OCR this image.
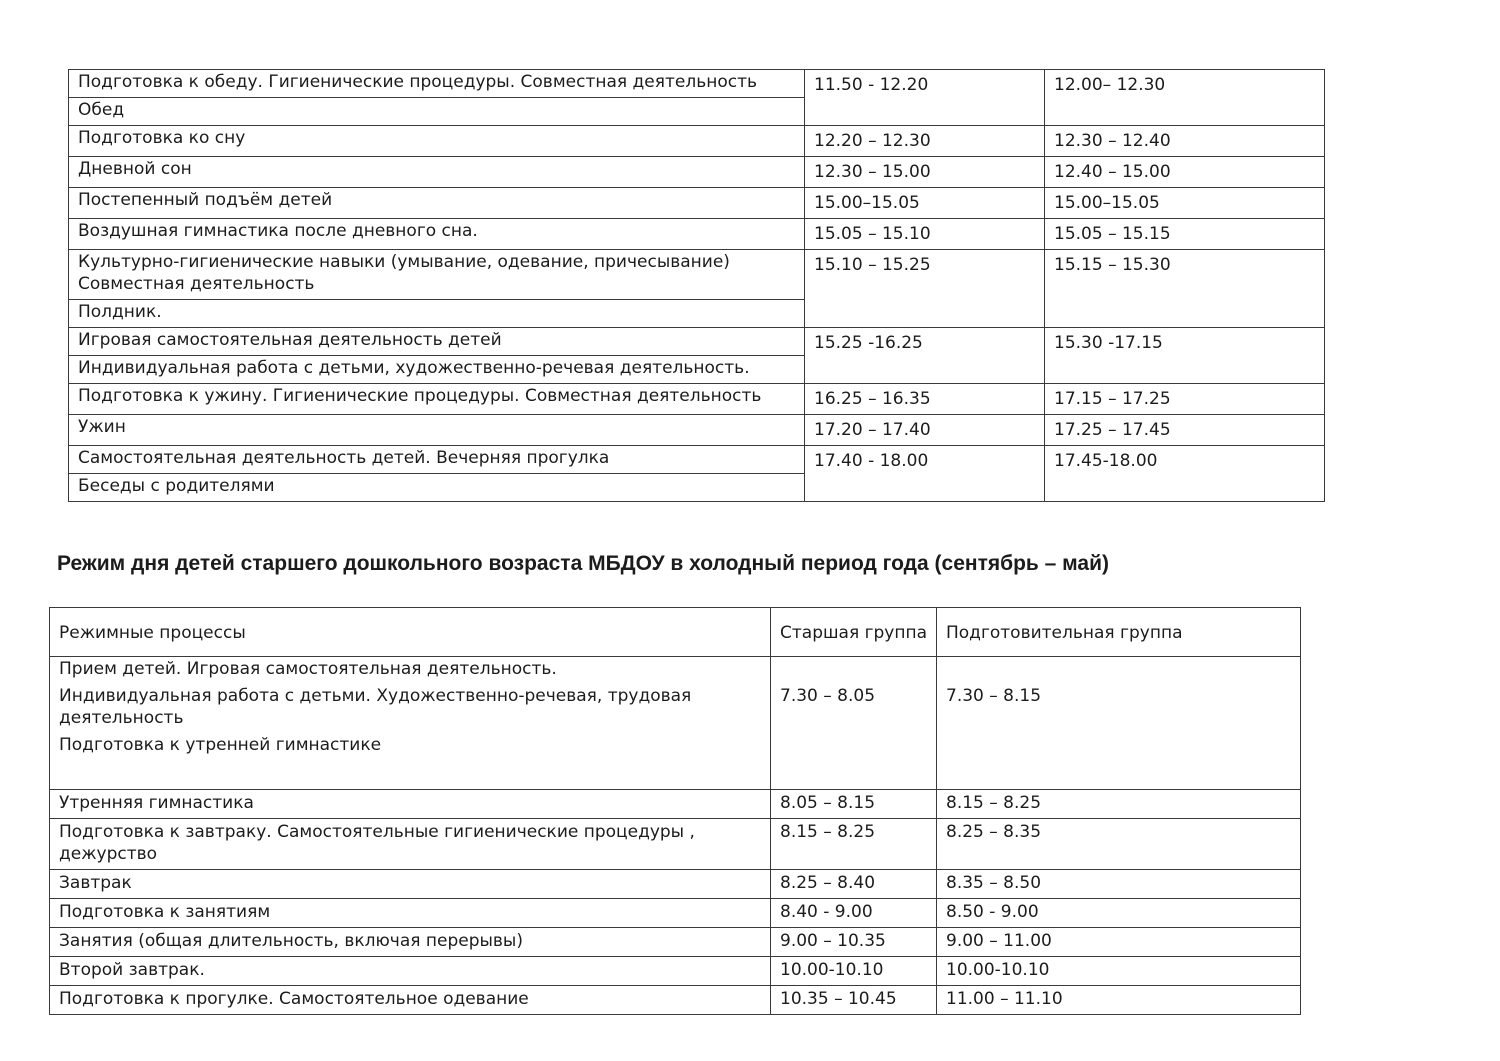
Подготовка к обеду. Гигиенические процедуры. Совместная деятельность	11.50 - 12.20	12.00– 12.30
Обед		
Подготовка ко сну	12.20 – 12.30	12.30 – 12.40
Дневной сон	12.30 – 15.00	12.40 – 15.00
Постепенный подъём детей	15.00–15.05	15.00–15.05
Воздушная гимнастика после дневного сна.	15.05 – 15.10	15.05 – 15.15

Культурно-гигиенические навыки (умывание, одевание, причесывание)
Совместная деятельность	15.10 – 15.25	15.15 – 15.30
Полдник.		
Игровая самостоятельная деятельность детей	15.25 -16.25	15.30 -17.15
Индивидуальная работа с детьми, художественно-речевая деятельность.		
Подготовка к ужину. Гигиенические процедуры. Совместная деятельность	16.25 – 16.35	17.15 – 17.25
Ужин	17.20 – 17.40	17.25 – 17.45
Самостоятельная деятельность детей. Вечерняя прогулка	17.40 - 18.00	17.45-18.00
Беседы с родителями		
Режим дня детей старшего дошкольного возраста МБДОУ в холодный период года (сентябрь – май)
Режимные процессы	Старшая группа	Подготовительная группа

Прием детей. Игровая самостоятельная деятельность.
Индивидуальная работа с детьми. Художественно-речевая, трудовая деятельность
Подготовка к утренней гимнастике	7.30 – 8.05	7.30 – 8.15
Утренняя гимнастика	8.05 – 8.15	8.15 – 8.25
Подготовка к завтраку. Самостоятельные гигиенические процедуры , дежурство	8.15 – 8.25	8.25 – 8.35
Завтрак	8.25 – 8.40	8.35 – 8.50
Подготовка к занятиям	8.40 - 9.00	8.50 - 9.00
Занятия (общая длительность, включая перерывы)	9.00 – 10.35	9.00 – 11.00
Второй завтрак.	10.00-10.10	10.00-10.10
Подготовка к прогулке. Самостоятельное одевание	10.35 – 10.45	11.00 – 11.10
